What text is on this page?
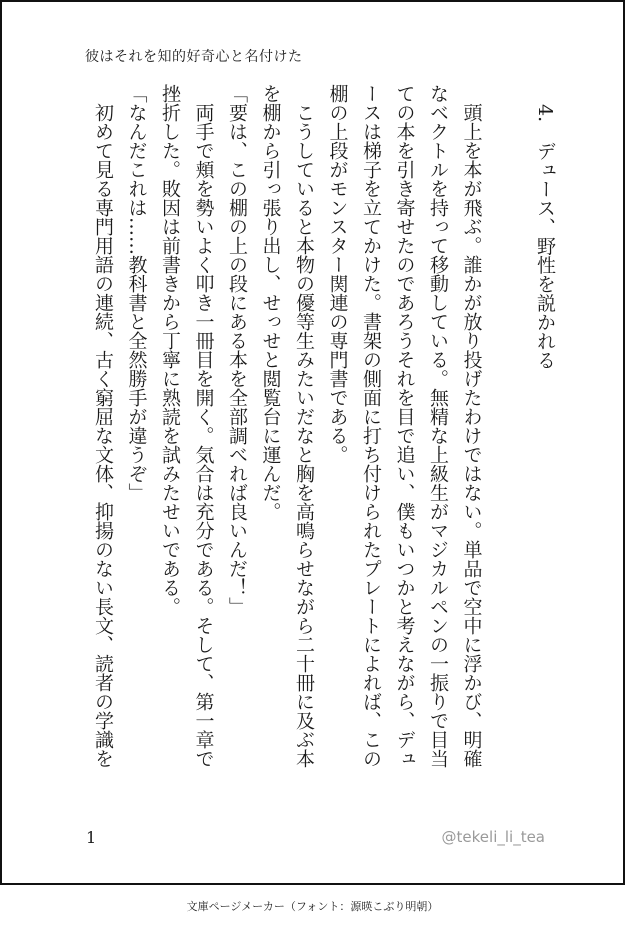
彼はそれを知的好奇心と名付けた
4.　デュース、野性を説かれる
頭上を本が飛ぶ。誰かが放り投げたわけではない。単品で空中に浮かび、明確
なベクトルを持って移動している。無精な上級生がマジカルペンの一振りで目当
ての本を引き寄せたのであろうそれを目で追い、僕もいつかと考えながら、デュ
ースは梯子を立てかけた。書架の側面に打ち付けられたプレートによれば、この
棚の上段がモンスター関連の専門書である。
こうしていると本物の優等生みたいだなと胸を高鳴らせながら二十冊に及ぶ本
を棚から引っ張り出し、せっせと閲覧台に運んだ。
「要は、この棚の上の段にある本を全部調べれば良いんだ！」
両手で頬を勢いよく叩き一冊目を開く。気合は充分である。そして、第一章で
挫折した。敗因は前書きから丁寧に熟読を試みたせいである。
「なんだこれは……教科書と全然勝手が違うぞ」
初めて見る専門用語の連続、古く窮屈な文体、抑揚のない長文、読者の学識を
1	@tekeli_li_tea
文庫ページメーカー（フォント：源暎こぶり明朝）
